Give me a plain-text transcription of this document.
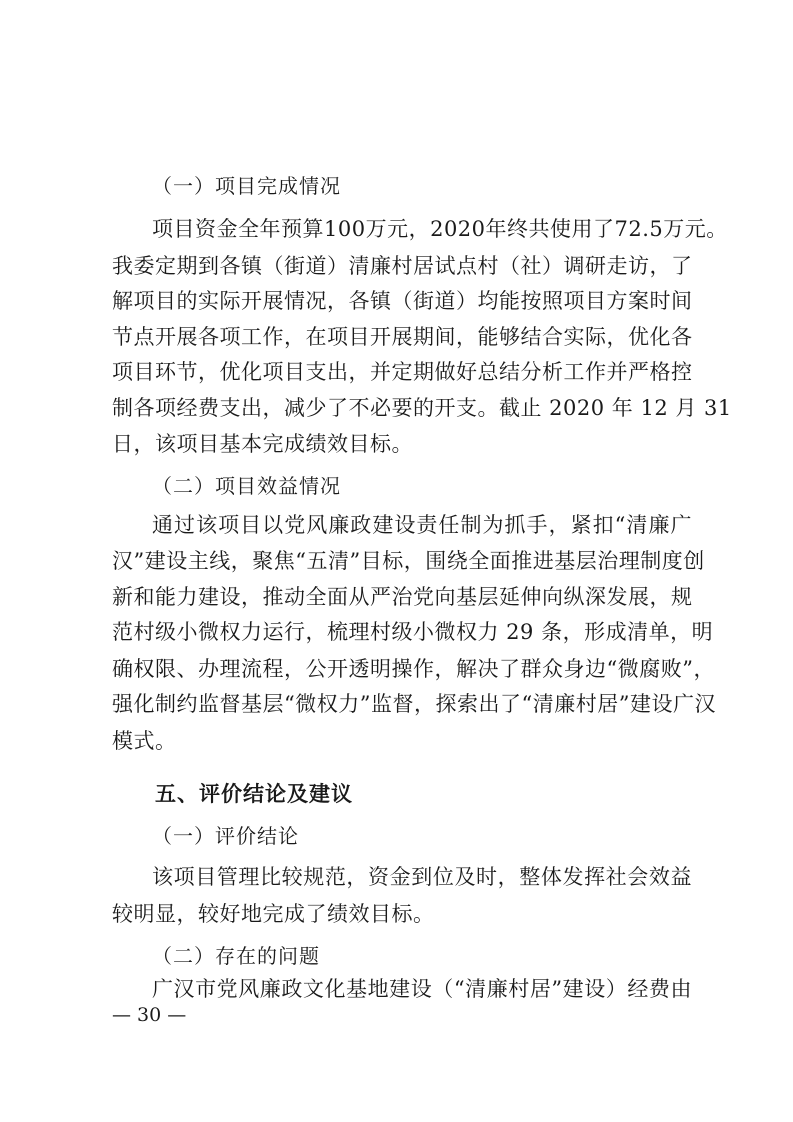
（一）项目完成情况
项目资金全年预算100万元，2020年终共使用了72.5万元。
我委定期到各镇（街道）清廉村居试点村（社）调研走访，了
解项目的实际开展情况，各镇（街道）均能按照项目方案时间
节点开展各项工作，在项目开展期间，能够结合实际，优化各
项目环节，优化项目支出，并定期做好总结分析工作并严格控
制各项经费支出，减少了不必要的开支。截止 2020 年 12 月 31
日，该项目基本完成绩效目标。
（二）项目效益情况
通过该项目以党风廉政建设责任制为抓手，紧扣“清廉广
汉”建设主线，聚焦“五清”目标，围绕全面推进基层治理制度创
新和能力建设，推动全面从严治党向基层延伸向纵深发展，规
范村级小微权力运行，梳理村级小微权力 29 条，形成清单，明
确权限、办理流程，公开透明操作，解决了群众身边“微腐败”，
强化制约监督基层“微权力”监督，探索出了“清廉村居”建设广汉
模式。
五、评价结论及建议
（一）评价结论
该项目管理比较规范，资金到位及时，整体发挥社会效益
较明显，较好地完成了绩效目标。
（二）存在的问题
广汉市党风廉政文化基地建设（“清廉村居”建设）经费由
— 30 —
